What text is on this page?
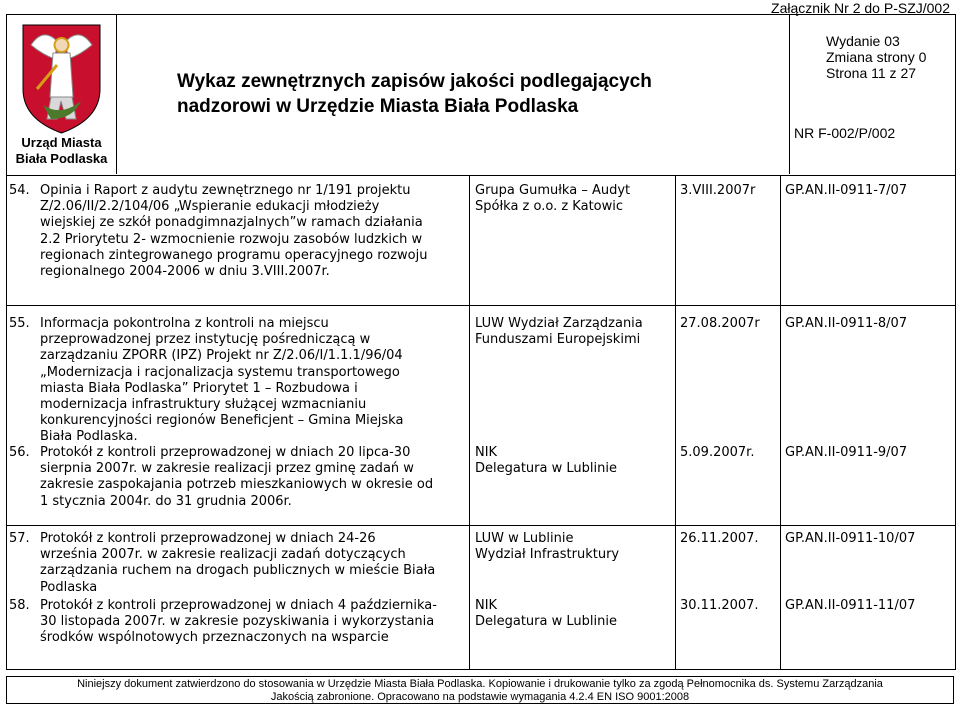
Załącznik Nr 2 do P-SZJ/002
Urząd Miasta
Biała Podlaska
Wykaz zewnętrznych zapisów jakości podlegających
nadzorowi w Urzędzie Miasta Biała Podlaska
Wydanie 03
Zmiana strony 0
Strona 11 z 27
NR F-002/P/002
54. Opinia i Raport z audytu zewnętrznego nr 1/191 projektu
Z/2.06/II/2.2/104/06 „Wspieranie edukacji młodzieży
wiejskiej ze szkół ponadgimnazjalnych”w ramach działania
2.2 Priorytetu 2- wzmocnienie rozwoju zasobów ludzkich w
regionach zintegrowanego programu operacyjnego rozwoju
regionalnego 2004-2006 w dniu 3.VIII.2007r.
Grupa Gumułka – Audyt
Spółka z o.o. z Katowic
3.VIII.2007r GP.AN.II-0911-7/07
55. Informacja pokontrolna z kontroli na miejscu
przeprowadzonej przez instytucję pośredniczącą w
zarządzaniu ZPORR (IPZ) Projekt nr Z/2.06/I/1.1.1/96/04
„Modernizacja i racjonalizacja systemu transportowego
miasta Biała Podlaska” Priorytet 1 – Rozbudowa i
modernizacja infrastruktury służącej wzmacnianiu
konkurencyjności regionów Beneficjent – Gmina Miejska
Biała Podlaska.
LUW Wydział Zarządzania
Funduszami Europejskimi
27.08.2007r GP.AN.II-0911-8/07
56. Protokół z kontroli przeprowadzonej w dniach 20 lipca-30
sierpnia 2007r. w zakresie realizacji przez gminę zadań w
zakresie zaspokajania potrzeb mieszkaniowych w okresie od
1 stycznia 2004r. do 31 grudnia 2006r.
NIK
Delegatura w Lublinie
5.09.2007r. GP.AN.II-0911-9/07
57. Protokół z kontroli przeprowadzonej w dniach 24-26
września 2007r. w zakresie realizacji zadań dotyczących
zarządzania ruchem na drogach publicznych w mieście Biała
Podlaska
LUW w Lublinie
Wydział Infrastruktury
26.11.2007. GP.AN.II-0911-10/07
58. Protokół z kontroli przeprowadzonej w dniach 4 października-
30 listopada 2007r. w zakresie pozyskiwania i wykorzystania
środków wspólnotowych przeznaczonych na wsparcie
NIK
Delegatura w Lublinie
30.11.2007. GP.AN.II-0911-11/07
Niniejszy dokument zatwierdzono do stosowania w Urzędzie Miasta Biała Podlaska. Kopiowanie i drukowanie tylko za zgodą Pełnomocnika ds. Systemu Zarządzania
Jakością zabronione. Opracowano na podstawie wymagania 4.2.4 EN ISO 9001:2008
